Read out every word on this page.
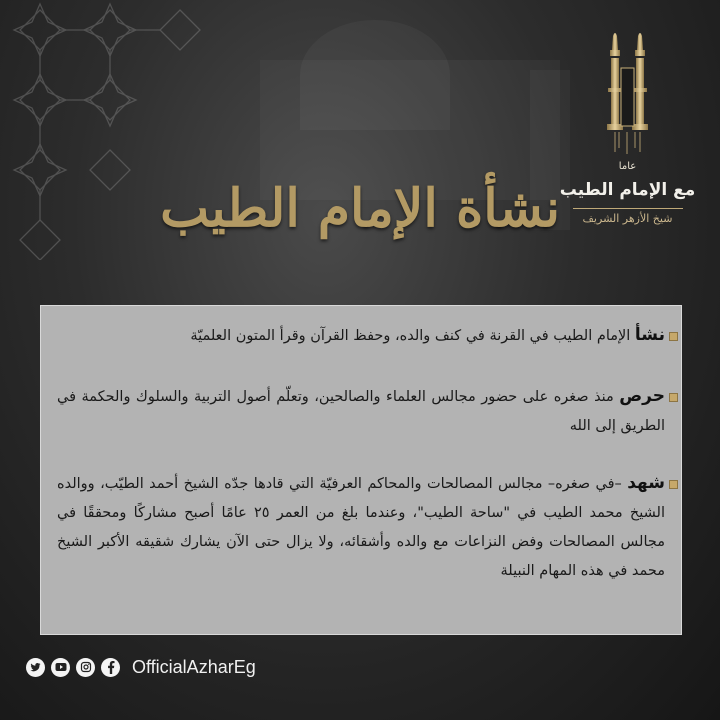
عاما
مع الإمام الطيب
شيخ الأزهر الشريف
نشأة الإمام الطيب
نشأ الإمام الطيب في القرنة في كنف والده، وحفظ القرآن وقرأ المتون العلميّة
حرص منذ صغره على حضور مجالس العلماء والصالحين، وتعلّم أصول التربية والسلوك والحكمة في الطريق إلى الله
شهد –في صغره– مجالس المصالحات والمحاكم العرفيّة التي قادها جدّه الشيخ أحمد الطيّب، ووالده الشيخ محمد الطيب في "ساحة الطيب"، وعندما بلغ من العمر ٢٥ عامًا أصبح مشاركًا ومحققًا في مجالس المصالحات وفض النزاعات مع والده وأشقائه، ولا يزال حتى الآن يشارك شقيقه الأكبر الشيخ محمد في هذه المهام النبيلة
OfficialAzharEg
